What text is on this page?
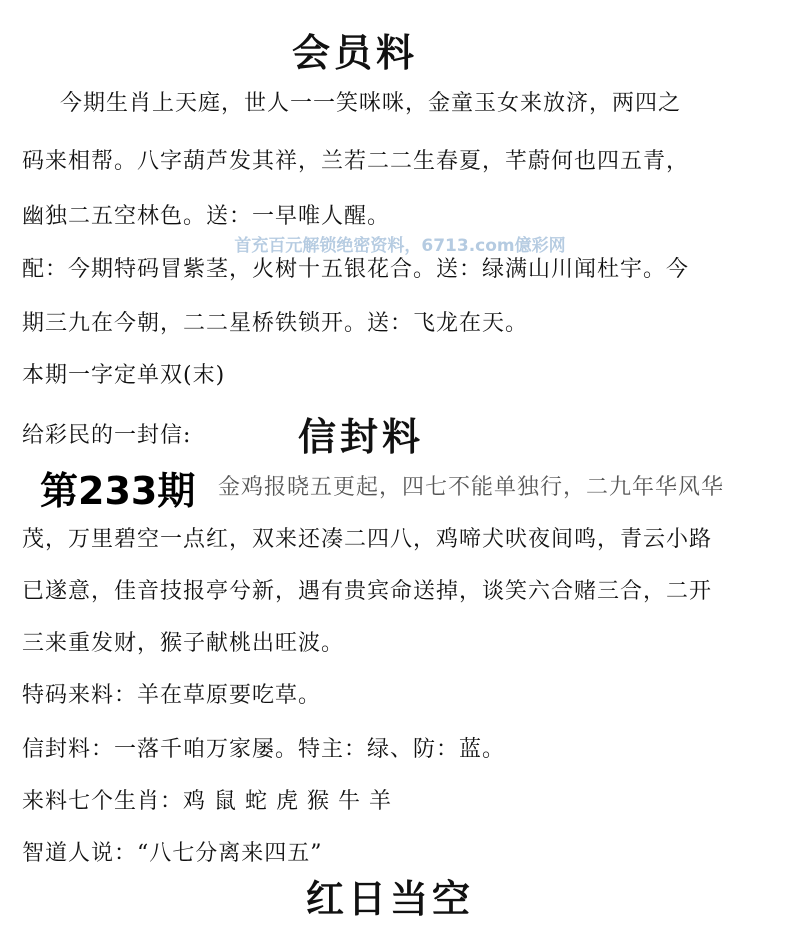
会员料
今期生肖上天庭，世人一一笑咪咪，金童玉女来放济，两四之
码来相帮。八字葫芦发其祥，兰若二二生春夏，芊蔚何也四五青，
幽独二五空林色。送：一早唯人醒。
首充百元解锁绝密资料，6713.com億彩网
配：今期特码冒紫茎，火树十五银花合。送：绿满山川闻杜宇。今
期三九在今朝，二二星桥铁锁开。送：飞龙在天。
本期一字定单双(末)
给彩民的一封信:	信封料
第233期 金鸡报晓五更起，四七不能单独行，二九年华风华
茂，万里碧空一点红，双来还凑二四八，鸡啼犬吠夜间鸣，青云小路
已遂意，佳音技报亭兮新，遇有贵宾命送掉，谈笑六合赌三合，二开
三来重发财，猴子献桃出旺波。
特码来料：羊在草原要吃草。
信封料：一落千咱万家屡。特主：绿、防：蓝。
来料七个生肖：鸡 鼠 蛇 虎 猴 牛 羊
智道人说：“八七分离来四五”
红日当空
